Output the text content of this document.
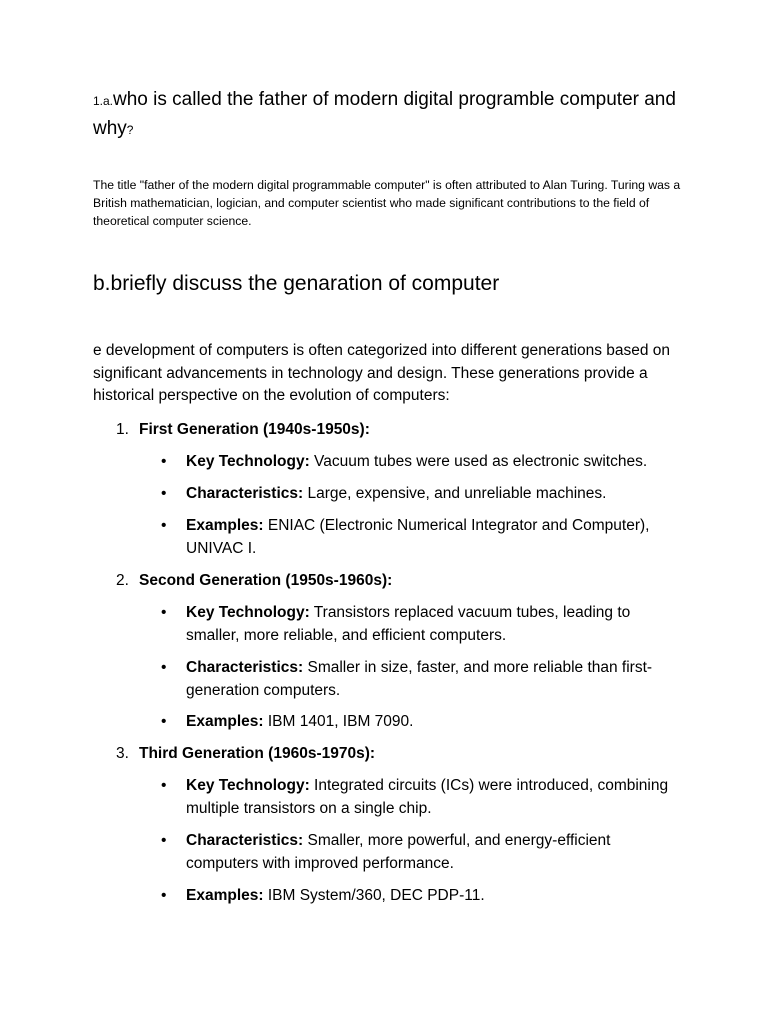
1.a.who is called the father of modern digital programble computer and why?

The title "father of the modern digital programmable computer" is often attributed to Alan Turing. Turing was a British mathematician, logician, and computer scientist who made significant contributions to the field of theoretical computer science.

b.briefly discuss the genaration of computer

e development of computers is often categorized into different generations based on significant advancements in technology and design. These generations provide a historical perspective on the evolution of computers:

1. First Generation (1940s-1950s):
• Key Technology: Vacuum tubes were used as electronic switches.
• Characteristics: Large, expensive, and unreliable machines.
• Examples: ENIAC (Electronic Numerical Integrator and Computer), UNIVAC I.
2. Second Generation (1950s-1960s):
• Key Technology: Transistors replaced vacuum tubes, leading to smaller, more reliable, and efficient computers.
• Characteristics: Smaller in size, faster, and more reliable than first-generation computers.
• Examples: IBM 1401, IBM 7090.
3. Third Generation (1960s-1970s):
• Key Technology: Integrated circuits (ICs) were introduced, combining multiple transistors on a single chip.
• Characteristics: Smaller, more powerful, and energy-efficient computers with improved performance.
• Examples: IBM System/360, DEC PDP-11.
